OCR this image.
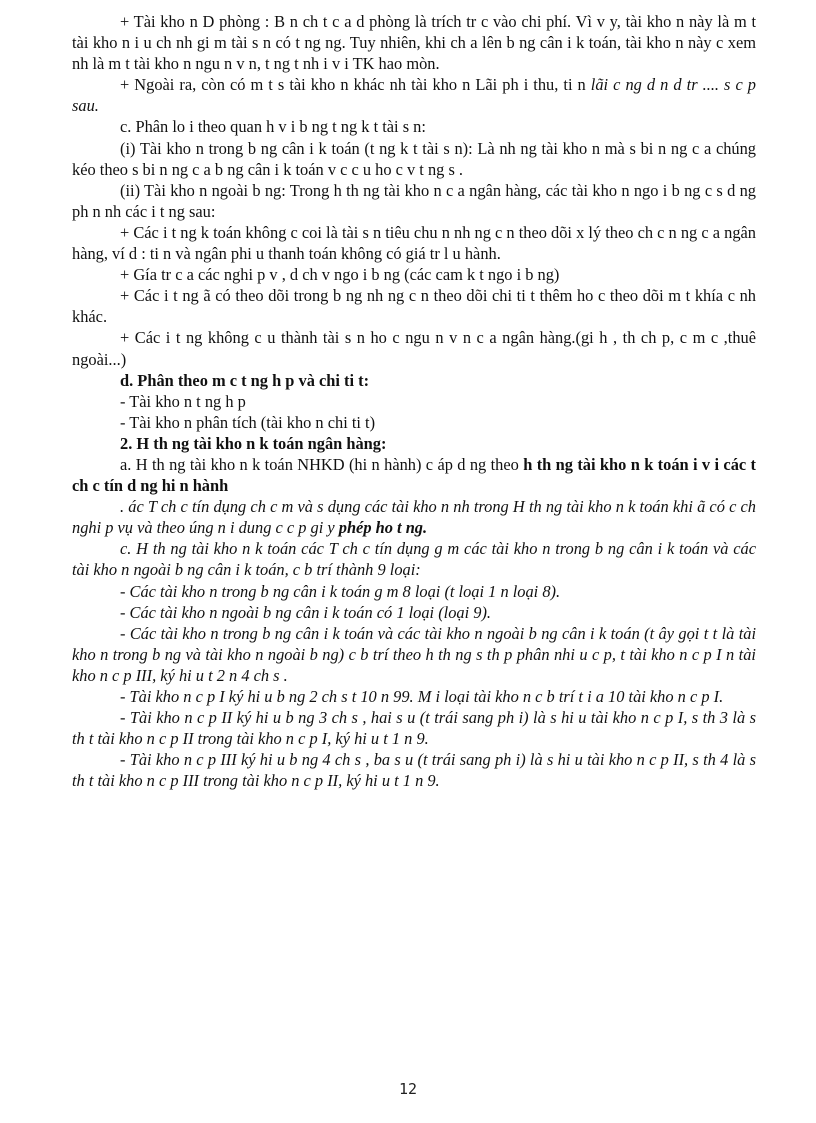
+ Tài kho n D phòng : B n ch t c a d phòng là trích tr c vào chi phí. Vì v y, tài kho n này là m t tài kho n i u ch nh gi m tài s n có t ng ng. Tuy nhiên, khi ch a lên b ng cân i k toán, tài kho n này c xem nh là m t tài kho n ngu n v n, t ng t nh i v i TK hao mòn.

+ Ngoài ra, còn có m t s tài kho n khác nh tài kho n Lãi ph i thu, ti n lãi c ng d n d tr .... s c p sau.

c. Phân lo i theo quan h v i b ng t ng k t tài s n:

(i) Tài kho n trong b ng cân i k toán (t ng k t tài s n): Là nh ng tài kho n mà s bi n ng c a chúng kéo theo s bi n ng c a b ng cân i k toán v c c u ho c v t ng s .

(ii) Tài kho n ngoài b ng: Trong h th ng tài kho n c a ngân hàng, các tài kho n ngo i b ng c s d ng ph n nh các i t ng sau:

+ Các i t ng k toán không c coi là tài s n tiêu chu n nh ng c n theo dõi x lý theo ch c n ng c a ngân hàng, ví d : ti n và ngân phi u thanh toán không có giá tr l u hành.

+ Gía tr c a các nghi p v , d ch v ngo i b ng (các cam k t ngo i b ng)

+ Các i t ng ã có theo dõi trong b ng nh ng c n theo dõi chi ti t thêm ho c theo dõi m t khía c nh khác.

+ Các i t ng không c u thành tài s n ho c ngu n v n c a ngân hàng.(gi h , th ch p, c m c ,thuê ngoài...)

d. Phân theo m c t ng h p và chi ti t:

- Tài kho n t ng h p

- Tài kho n phân tích (tài kho n chi ti t)

2. H th ng tài kho n k toán ngân hàng:

a. H th ng tài kho n k toán NHKD (hi n hành) c áp d ng theo h th ng tài kho n k toán i v i các t ch c tín d ng hi n hành

. ác T ch c tín dụng ch c m và s dụng các tài kho n nh trong H th ng tài kho n k toán khi ã có c ch nghi p vụ và theo úng n i dung c c p gi y phép ho t ng.

c. H th ng tài kho n k toán các T ch c tín dụng g m các tài kho n trong b ng cân i k toán và các tài kho n ngoài b ng cân i k toán, c b trí thành 9 loại:

- Các tài kho n trong b ng cân i k toán g m 8 loại (t loại 1 n loại 8).

- Các tài kho n ngoài b ng cân i k toán có 1 loại (loại 9).

- Các tài kho n trong b ng cân i k toán và các tài kho n ngoài b ng cân i k toán (t ây gọi t t là tài kho n trong b ng và tài kho n ngoài b ng) c b trí theo h th ng s th p phân nhi u c p, t tài kho n c p I n tài kho n c p III, ký hi u t 2 n 4 ch s .

- Tài kho n c p I ký hi u b ng 2 ch s t 10 n 99. M i loại tài kho n c b trí t i a 10 tài kho n c p I.

- Tài kho n c p II ký hi u b ng 3 ch s , hai s u (t trái sang ph i) là s hi u tài kho n c p I, s th 3 là s th t tài kho n c p II trong tài kho n c p I, ký hi u t 1 n 9.

- Tài kho n c p III ký hi u b ng 4 ch s , ba s u (t trái sang ph i) là s hi u tài kho n c p II, s th 4 là s th t tài kho n c p III trong tài kho n c p II, ký hi u t 1 n 9.

12
